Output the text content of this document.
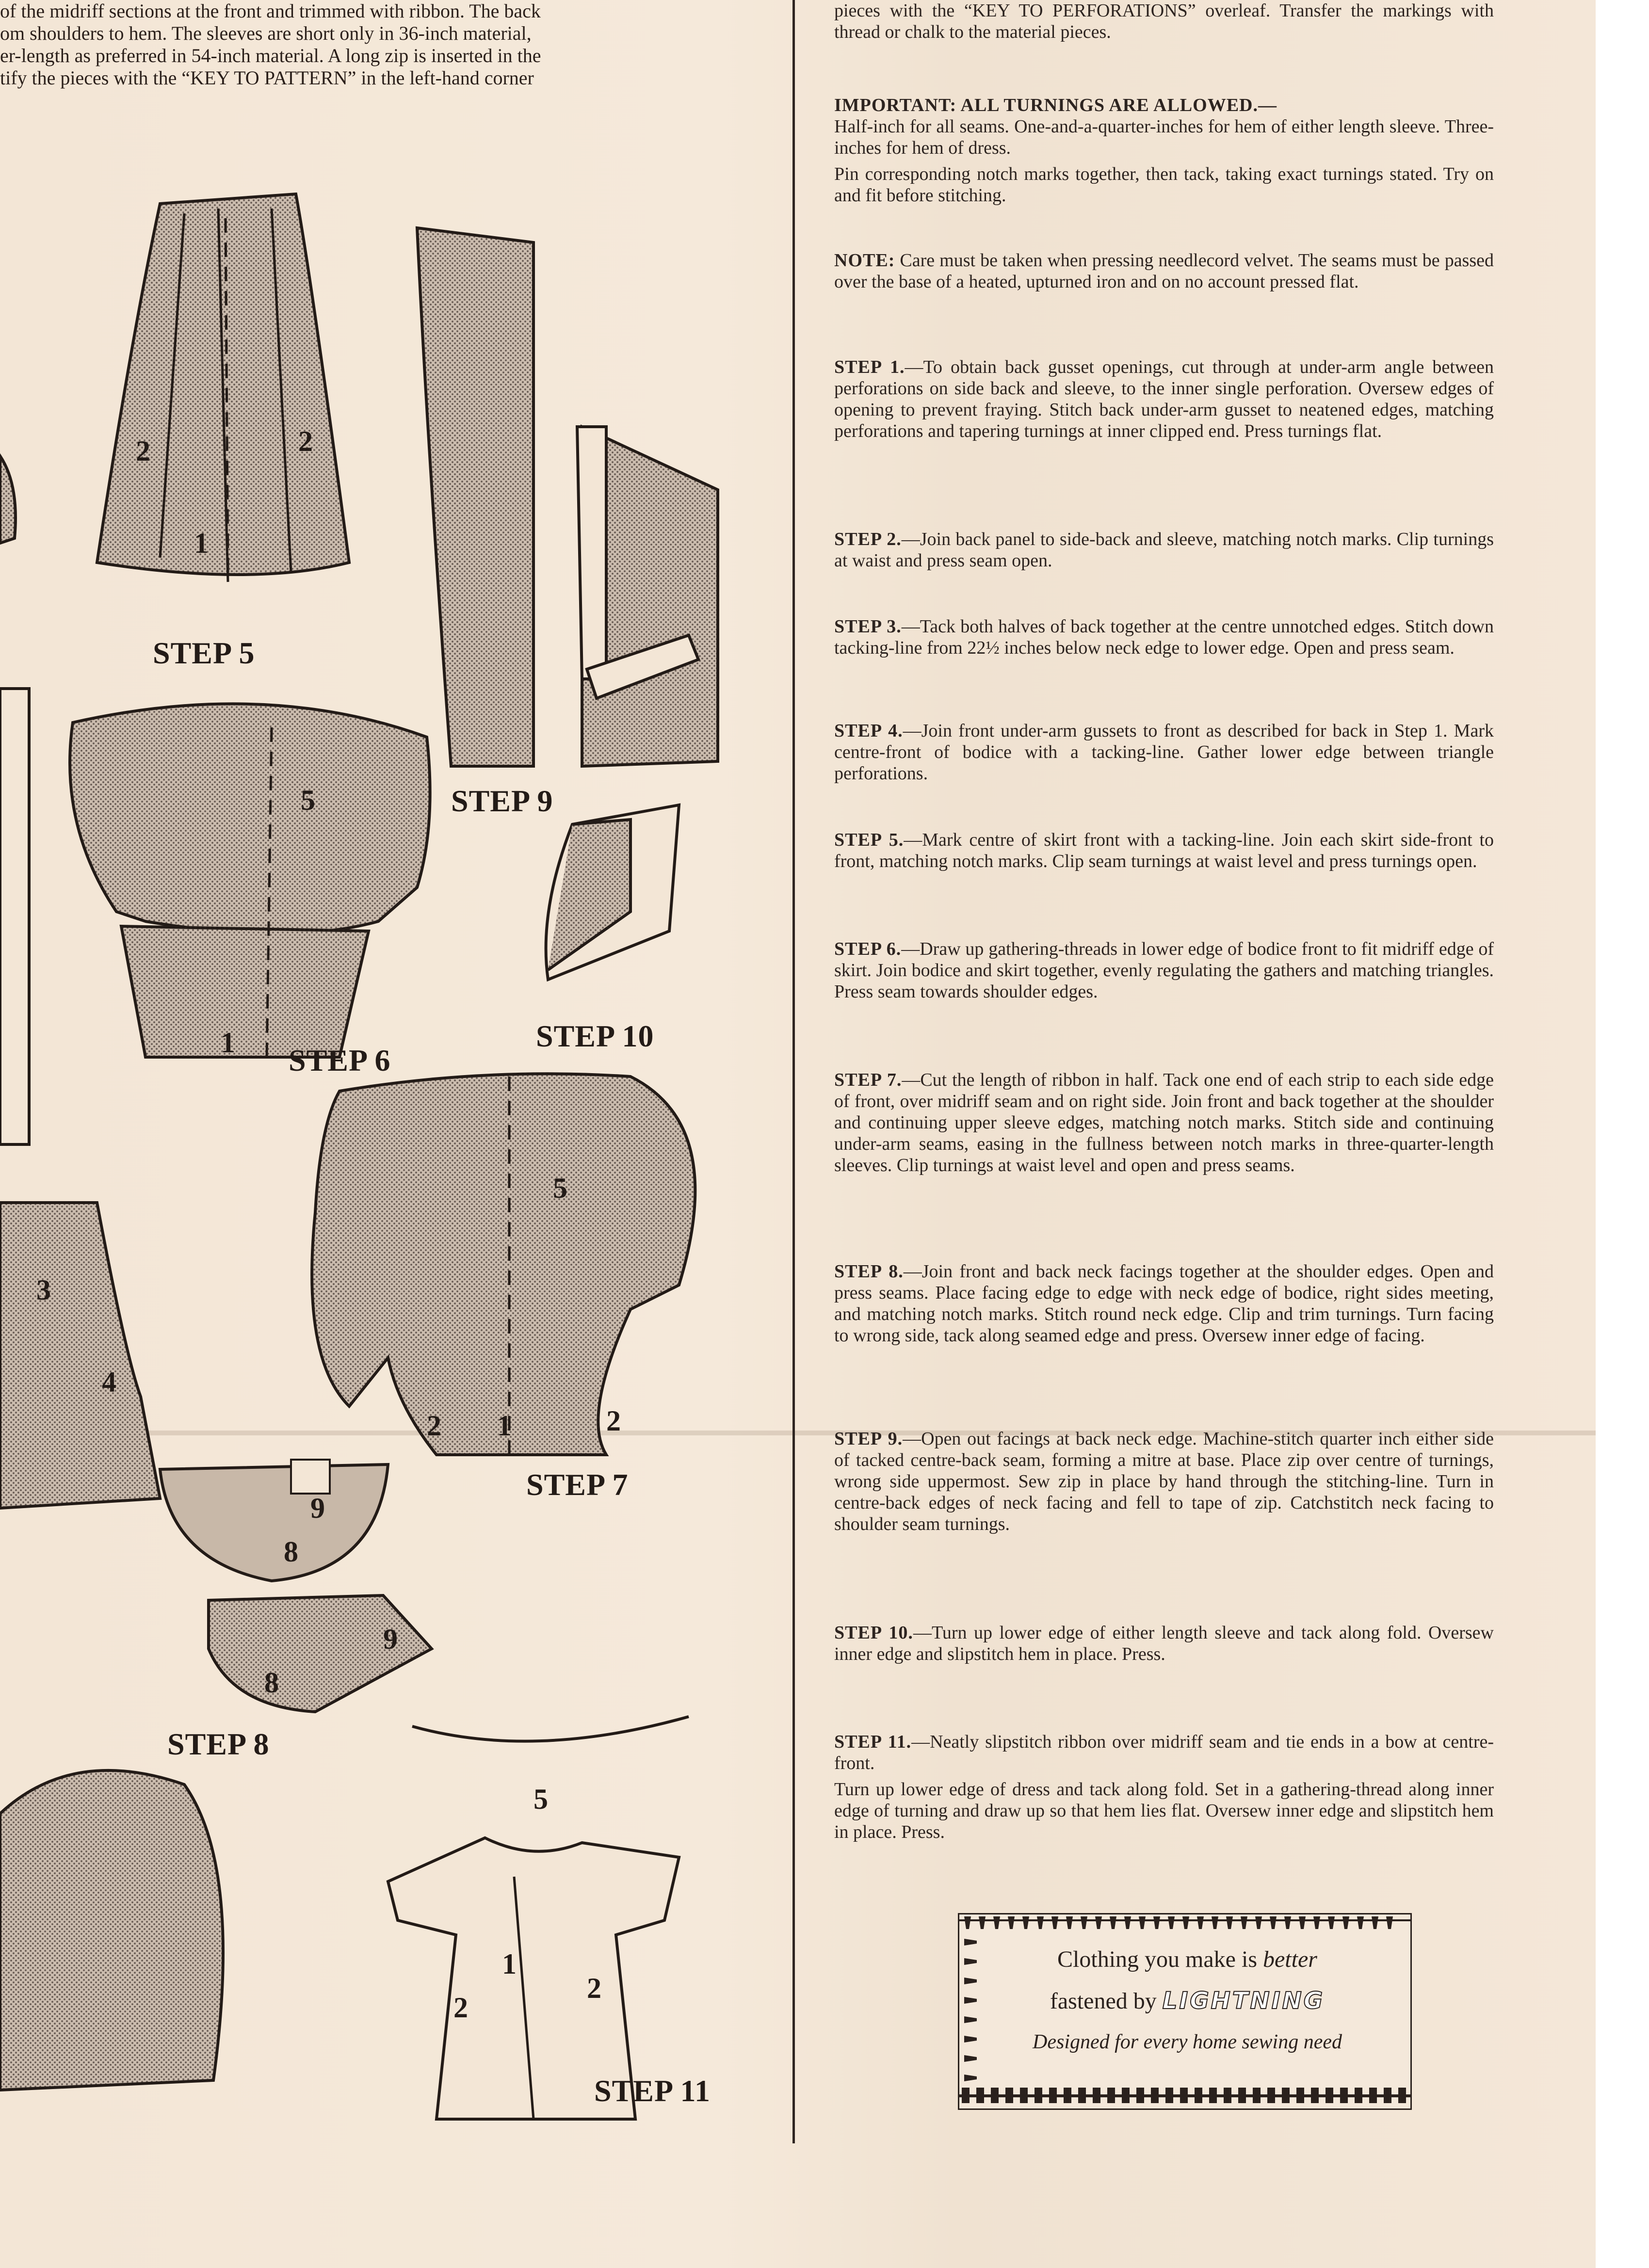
of the midriff sections at the front and trimmed with ribbon. The back
om shoulders to hem. The sleeves are short only in 36-inch material,
er-length as preferred in 54-inch material. A long zip is inserted in the
tify the pieces with the “KEY TO PATTERN” in the left-hand corner
2	2
1
5
1
5
2 1	2
3
4
9
8
9
8
5
1
2
2
STEP 5
STEP 9
STEP 10
STEP 6
STEP 7
STEP 8
STEP 11

pieces with the “KEY TO PERFORATIONS” overleaf. Transfer the markings with thread or chalk to the material pieces.

IMPORTANT: ALL TURNINGS ARE ALLOWED.—

Half-inch for all seams. One-and-a-quarter-inches for hem of either length sleeve. Three-inches for hem of dress.

Pin corresponding notch marks together, then tack, taking exact turnings stated. Try on and fit before stitching.

NOTE: Care must be taken when pressing needlecord velvet. The seams must be passed over the base of a heated, upturned iron and on no account pressed flat.

STEP 1.—To obtain back gusset openings, cut through at under-arm angle between perforations on side back and sleeve, to the inner single perforation. Oversew edges of opening to prevent fraying. Stitch back under-arm gusset to neatened edges, matching perforations and tapering turnings at inner clipped end. Press turnings flat.

STEP 2.—Join back panel to side-back and sleeve, matching notch marks. Clip turnings at waist and press seam open.

STEP 3.—Tack both halves of back together at the centre unnotched edges. Stitch down tacking-line from 22½ inches below neck edge to lower edge. Open and press seam.

STEP 4.—Join front under-arm gussets to front as described for back in Step 1. Mark centre-front of bodice with a tacking-line. Gather lower edge between triangle perforations.

STEP 5.—Mark centre of skirt front with a tacking-line. Join each skirt side-front to front, matching notch marks. Clip seam turnings at waist level and press turnings open.

STEP 6.—Draw up gathering-threads in lower edge of bodice front to fit midriff edge of skirt. Join bodice and skirt together, evenly regulating the gathers and matching triangles. Press seam towards shoulder edges.

STEP 7.—Cut the length of ribbon in half. Tack one end of each strip to each side edge of front, over midriff seam and on right side. Join front and back together at the shoulder and continuing upper sleeve edges, matching notch marks. Stitch side and continuing under-arm seams, easing in the fullness between notch marks in three-quarter-length sleeves. Clip turnings at waist level and open and press seams.

STEP 8.—Join front and back neck facings together at the shoulder edges. Open and press seams. Place facing edge to edge with neck edge of bodice, right sides meeting, and matching notch marks. Stitch round neck edge. Clip and trim turnings. Turn facing to wrong side, tack along seamed edge and press. Oversew inner edge of facing.

STEP 9.—Open out facings at back neck edge. Machine-stitch quarter inch either side of tacked centre-back seam, forming a mitre at base. Place zip over centre of turnings, wrong side uppermost. Sew zip in place by hand through the stitching-line. Turn in centre-back edges of neck facing and fell to tape of zip. Catchstitch neck facing to shoulder seam turnings.

STEP 10.—Turn up lower edge of either length sleeve and tack along fold. Oversew inner edge and slipstitch hem in place. Press.

STEP 11.—Neatly slipstitch ribbon over midriff seam and tie ends in a bow at centre-front.

Turn up lower edge of dress and tack along fold. Set in a gathering-thread along inner edge of turning and draw up so that hem lies flat. Oversew inner edge and slipstitch hem in place. Press.

Clothing you make is better
fastened by LIGHTNING
Designed for every home sewing need
